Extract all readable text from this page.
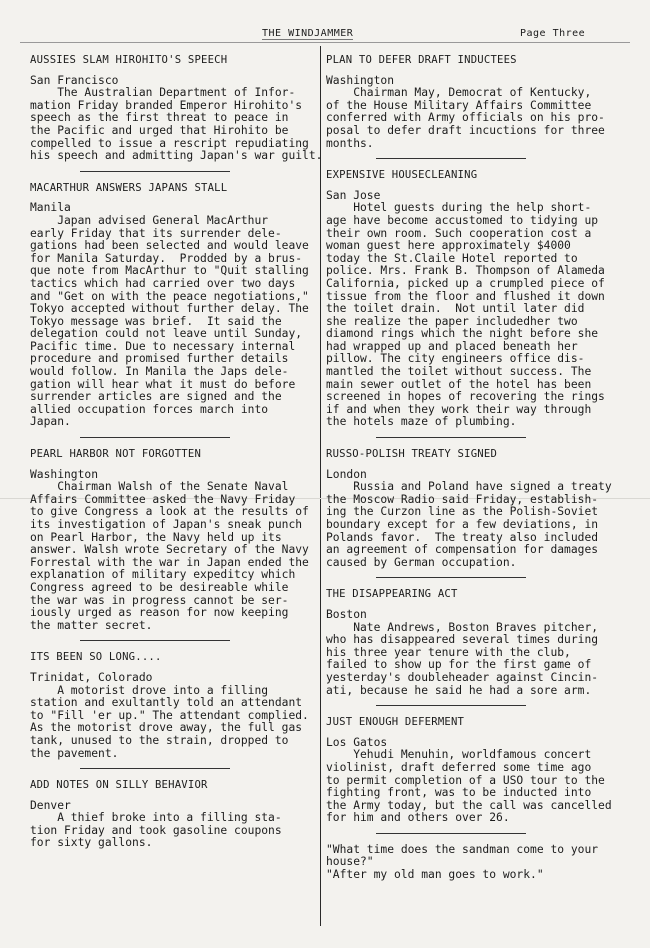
THE WINDJAMMER	Page Three
AUSSIES SLAM HIROHITO'S SPEECH
San Francisco

The Australian Department of Infor-

mation Friday branded Emperor Hirohito's

speech as the first threat to peace in

the Pacific and urged that Hirohito be

compelled to issue a rescript repudiating

his speech and admitting Japan's war guilt.

MACARTHUR ANSWERS JAPANS STALL
Manila

Japan advised General MacArthur

early Friday that its surrender dele-

gations had been selected and would leave

for Manila Saturday.  Prodded by a brus-

que note from MacArthur to "Quit stalling

tactics which had carried over two days

and "Get on with the peace negotiations,"

Tokyo accepted without further delay. The

Tokyo message was brief.  It said the

delegation could not leave until Sunday,

Pacific time. Due to necessary internal

procedure and promised further details

would follow. In Manila the Japs dele-

gation will hear what it must do before

surrender articles are signed and the

allied occupation forces march into

Japan.

PEARL HARBOR NOT FORGOTTEN
Washington

Chairman Walsh of the Senate Naval

Affairs Committee asked the Navy Friday

to give Congress a look at the results of

its investigation of Japan's sneak punch

on Pearl Harbor, the Navy held up its

answer. Walsh wrote Secretary of the Navy

Forrestal with the war in Japan ended the

explanation of military expeditcy which

Congress agreed to be desireable while

the war was in progress cannot be ser-

iously urged as reason for now keeping

the matter secret.

ITS BEEN SO LONG....
Trinidat, Colorado

A motorist drove into a filling

station and exultantly told an attendant

to "Fill 'er up." The attendant complied.

As the motorist drove away, the full gas

tank, unused to the strain, dropped to

the pavement.

ADD NOTES ON SILLY BEHAVIOR
Denver

A thief broke into a filling sta-

tion Friday and took gasoline coupons

for sixty gallons.

PLAN TO DEFER DRAFT INDUCTEES
Washington

Chairman May, Democrat of Kentucky,

of the House Military Affairs Committee

conferred with Army officials on his pro-

posal to defer draft incuctions for three

months.

EXPENSIVE HOUSECLEANING
San Jose

Hotel guests during the help short-

age have become accustomed to tidying up

their own room. Such cooperation cost a

woman guest here approximately $4000

today the St.Claile Hotel reported to

police. Mrs. Frank B. Thompson of Alameda

California, picked up a crumpled piece of

tissue from the floor and flushed it down

the toilet drain.  Not until later did

she realize the paper includedher two

diamond rings which the night before she

had wrapped up and placed beneath her

pillow. The city engineers office dis-

mantled the toilet without success. The

main sewer outlet of the hotel has been

screened in hopes of recovering the rings

if and when they work their way through

the hotels maze of plumbing.

RUSSO-POLISH TREATY SIGNED
London

Russia and Poland have signed a treaty

the Moscow Radio said Friday, establish-

ing the Curzon line as the Polish-Soviet

boundary except for a few deviations, in

Polands favor.  The treaty also included

an agreement of compensation for damages

caused by German occupation.

THE DISAPPEARING ACT
Boston

Nate Andrews, Boston Braves pitcher,

who has disappeared several times during

his three year tenure with the club,

failed to show up for the first game of

yesterday's doubleheader against Cincin-

ati, because he said he had a sore arm.

JUST ENOUGH DEFERMENT
Los Gatos

Yehudi Menuhin, worldfamous concert

violinist, draft deferred some time ago

to permit completion of a USO tour to the

fighting front, was to be inducted into

the Army today, but the call was cancelled

for him and others over 26.

"What time does the sandman come to your

house?"

"After my old man goes to work."
